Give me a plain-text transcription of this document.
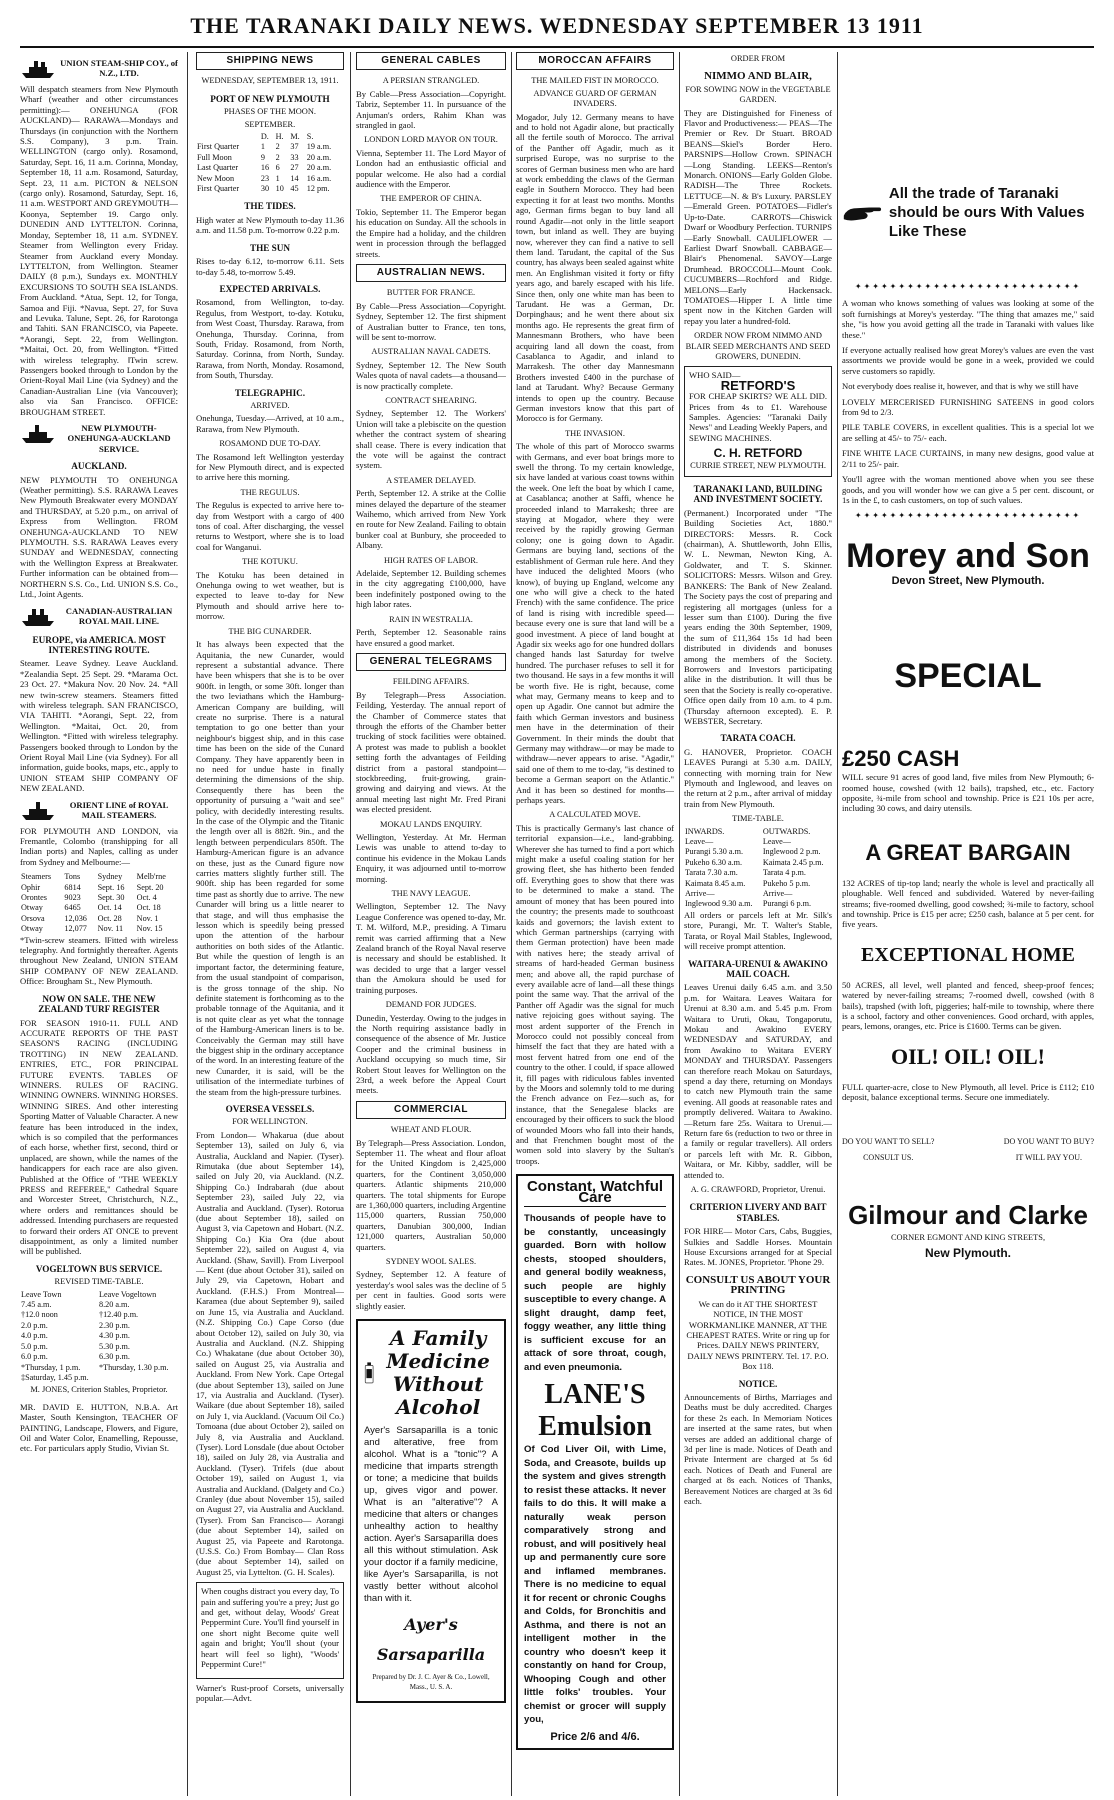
THE TARANAKI DAILY NEWS. WEDNESDAY SEPTEMBER 13 1911
UNION STEAM-SHIP COY., of N.Z., LTD.

Will despatch steamers from New Plymouth Wharf (weather and other circumstances permitting):— ONEHUNGA (FOR AUCKLAND)— RARAWA—Mondays and Thursdays (in conjunction with the Northern S.S. Company), 3 p.m. Train. WELLINGTON (cargo only). Rosamond, Saturday, Sept. 16, 11 a.m. Corinna, Monday, September 18, 11 a.m. Rosamond, Saturday, Sept. 23, 11 a.m. PICTON & NELSON (cargo only). Rosamond, Saturday, Sept. 16, 11 a.m. WESTPORT AND GREYMOUTH— Koonya, September 19. Cargo only. DUNEDIN AND LYTTELTON. Corinna, Monday, September 18, 11 a.m. SYDNEY. Steamer from Wellington every Friday. Steamer from Auckland every Monday. LYTTELTON, from Wellington. Steamer DAILY (8 p.m.), Sundays ex. MONTHLY EXCURSIONS TO SOUTH SEA ISLANDS. From Auckland. *Atua, Sept. 12, for Tonga, Samoa and Fiji. *Navua, Sept. 27, for Suva and Levuka. Talune, Sept. 26, for Rarotonga and Tahiti. SAN FRANCISCO, via Papeete. *Aorangi, Sept. 22, from Wellington. *Maitai, Oct. 20, from Wellington. *Fitted with wireless telegraphy. ‖Twin screw. Passengers booked through to London by the Orient-Royal Mail Line (via Sydney) and the Canadian-Australian Line (via Vancouver); also via San Francisco. OFFICE: BROUGHAM STREET.

NEW PLYMOUTH-ONEHUNGA-AUCKLAND SERVICE.
AUCKLAND.

NEW PLYMOUTH TO ONEHUNGA (Weather permitting). S.S. RARAWA Leaves New Plymouth Breakwater every MONDAY and THURSDAY, at 5.20 p.m., on arrival of Express from Wellington. FROM ONEHUNGA-AUCKLAND TO NEW PLYMOUTH. S.S. RARAWA Leaves every SUNDAY and WEDNESDAY, connecting with the Wellington Express at Breakwater. Further information can be obtained from— NORTHERN S.S. Co., Ltd. UNION S.S. Co., Ltd., Joint Agents.

CANADIAN-AUSTRALIAN ROYAL MAIL LINE.
EUROPE, via AMERICA. MOST INTERESTING ROUTE.

Steamer. Leave Sydney. Leave Auckland. *Zealandia Sept. 25 Sept. 29. *Marama Oct. 23 Oct. 27. *Makura Nov. 20 Nov. 24. *All new twin-screw steamers. Steamers fitted with wireless telegraph. SAN FRANCISCO, VIA TAHITI. *Aorangi, Sept. 22, from Wellington. *Maitai, Oct. 20, from Wellington. *Fitted with wireless telegraphy. Passengers booked through to London by the Orient Royal Mail Line (via Sydney). For all information, guide books, maps, etc., apply to UNION STEAM SHIP COMPANY OF NEW ZEALAND.

ORIENT LINE of ROYAL MAIL STEAMERS.

FOR PLYMOUTH AND LONDON, via Fremantle, Colombo (transhipping for all Indian ports) and Naples, calling as under from Sydney and Melbourne:—

Steamers	Tons	Sydney	Melb'rne
Ophir	6814	Sept. 16	Sept. 20
Orontes	9023	Sept. 30	Oct. 4
Otway	6465	Oct. 14	Oct. 18
Orsova	12,036	Oct. 28	Nov. 1
Otway	12,077	Nov. 11	Nov. 15

*Twin-screw steamers. ‖Fitted with wireless telegraphy. And fortnightly thereafter. Agents throughout New Zealand, UNION STEAM SHIP COMPANY OF NEW ZEALAND. Office: Brougham St., New Plymouth.

NOW ON SALE. THE NEW ZEALAND TURF REGISTER

FOR SEASON 1910-11. FULL AND ACCURATE REPORTS OF THE PAST SEASON'S RACING (INCLUDING TROTTING) IN NEW ZEALAND. ENTRIES, ETC., FOR PRINCIPAL FUTURE EVENTS. TABLES OF WINNERS. RULES OF RACING. WINNING OWNERS. WINNING HORSES. WINNING SIRES. And other interesting Sporting Matter of Valuable Character. A new feature has been introduced in the index, which is so compiled that the performances of each horse, whether first, second, third or unplaced, are shown, while the names of the handicappers for each race are also given. Published at the Office of "THE WEEKLY PRESS and REFEREE," Cathedral Square and Worcester Street, Christchurch, N.Z., where orders and remittances should be addressed. Intending purchasers are requested to forward their orders AT ONCE to prevent disappointment, as only a limited number will be published.

VOGELTOWN BUS SERVICE.
REVISED TIME-TABLE.
Leave Town	Leave Vogeltown
7.45 a.m.	8.20 a.m.
†12.0 noon	†12.40 p.m.
2.0 p.m.	2.30 p.m.
4.0 p.m.	4.30 p.m.
5.0 p.m.	5.30 p.m.
6.0 p.m.	6.30 p.m.
*Thursday, 1 p.m.	*Thursday, 1.30 p.m.
‡Saturday, 1.45 p.m.	
M. JONES, Criterion Stables, Proprietor.

MR. DAVID E. HUTTON, N.B.A. Art Master, South Kensington, TEACHER OF PAINTING, Landscape, Flowers, and Figure, Oil and Water Color, Enamelling, Repousse, etc. For particulars apply Studio, Vivian St.

SHIPPING NEWS
WEDNESDAY, SEPTEMBER 13, 1911.
PORT OF NEW PLYMOUTH
PHASES OF THE MOON.
SEPTEMBER.
	D.	H.	M.	S.
First Quarter	1	2	37	19 a.m.
Full Moon	9	2	33	20 a.m.
Last Quarter	16	6	27	20 a.m.
New Moon	23	1	14	16 a.m.
First Quarter	30	10	45	12 pm.
THE TIDES.

High water at New Plymouth to-day 11.36 a.m. and 11.58 p.m. To-morrow 0.22 p.m.

THE SUN

Rises to-day 6.12, to-morrow 6.11. Sets to-day 5.48, to-morrow 5.49.

EXPECTED ARRIVALS.

Rosamond, from Wellington, to-day. Regulus, from Westport, to-day. Kotuku, from West Coast, Thursday. Rarawa, from Onehunga, Thursday. Corinna, from South, Friday. Rosamond, from North, Saturday. Corinna, from North, Sunday. Rarawa, from North, Monday. Rosamond, from South, Thursday.

TELEGRAPHIC.
ARRIVED.

Onehunga, Tuesday.—Arrived, at 10 a.m., Rarawa, from New Plymouth.

ROSAMOND DUE TO-DAY.

The Rosamond left Wellington yesterday for New Plymouth direct, and is expected to arrive here this morning.

THE REGULUS.

The Regulus is expected to arrive here to-day from Westport with a cargo of 400 tons of coal. After discharging, the vessel returns to Westport, where she is to load coal for Wanganui.

THE KOTUKU.

The Kotuku has been detained in Onehunga owing to wet weather, but is expected to leave to-day for New Plymouth and should arrive here to-morrow.

THE BIG CUNARDER.

It has always been expected that the Aquitania, the new Cunarder, would represent a substantial advance. There have been whispers that she is to be over 900ft. in length, or some 30ft. longer than the two leviathans which the Hamburg-American Company are building, will create no surprise. There is a natural temptation to go one better than your neighbour's biggest ship, and in this case time has been on the side of the Cunard Company. They have apparently been in no need for undue haste in finally determining the dimensions of the ship. Consequently there has been the opportunity of pursuing a "wait and see" policy, with decidedly interesting results. In the case of the Olympic and the Titanic the length over all is 882ft. 9in., and the length between perpendiculars 850ft. The Hamburg-American figure is an advance on these, just as the Cunard figure now carries matters slightly further still. The 900ft. ship has been regarded for some time past as shortly due to arrive. The new Cunarder will bring us a little nearer to that stage, and will thus emphasise the lesson which is speedily being pressed upon the attention of the harbour authorities on both sides of the Atlantic. But while the question of length is an important factor, the determining feature, from the usual standpoint of comparison, is the gross tonnage of the ship. No definite statement is forthcoming as to the probable tonnage of the Aquitania, and it is not quite clear as yet what the tonnage of the Hamburg-American liners is to be. Conceivably the German may still have the biggest ship in the ordinary acceptance of the word. In an interesting feature of the new Cunarder, it is said, will be the utilisation of the intermediate turbines of the steam from the high-pressure turbines.

OVERSEA VESSELS.
FOR WELLINGTON.

From London— Whakarua (due about September 13), sailed on July 6, via Australia, Auckland and Napier. (Tyser). Rimutaka (due about September 14), sailed on July 20, via Auckland. (N.Z. Shipping Co.) Indrabarah (due about September 23), sailed July 22, via Australia and Auckland. (Tyser). Rotorua (due about September 18), sailed on August 3, via Capetown and Hobart. (N.Z. Shipping Co.) Kia Ora (due about September 22), sailed on August 4, via Auckland. (Shaw, Savill). From Liverpool— Kent (due about October 31), sailed on July 29, via Capetown, Hobart and Auckland. (F.H.S.) From Montreal— Karamea (due about September 9), sailed on June 15, via Australia and Auckland. (N.Z. Shipping Co.) Cape Corso (due about October 12), sailed on July 30, via Australia and Auckland. (N.Z. Shipping Co.) Whakatane (due about October 30), sailed on August 25, via Australia and Auckland. From New York. Cape Ortegal (due about September 13), sailed on June 17, via Australia and Auckland. (Tyser). Waikare (due about September 18), sailed on July 1, via Auckland. (Vacuum Oil Co.) Tomoana (due about October 2), sailed on July 8, via Australia and Auckland. (Tyser). Lord Lonsdale (due about October 18), sailed on July 28, via Australia and Auckland. (Tyser). Trifels (due about October 19), sailed on August 1, via Australia and Auckland. (Dalgety and Co.) Cranley (due about November 15), sailed on August 27, via Australia and Auckland. (Tyser). From San Francisco— Aorangi (due about September 14), sailed on August 25, via Papeete and Rarotonga. (U.S.S. Co.) From Bombay— Clan Ross (due about September 14), sailed on August 25, via Lyttelton. (G. H. Scales).

When coughs distract you every day, To pain and suffering you're a prey; Just go and get, without delay, Woods' Great Peppermint Cure. You'll find yourself in one short night Become quite well again and bright; You'll shout (your heart will feel so light), "Woods' Peppermint Cure!"

Warner's Rust-proof Corsets, universally popular.—Advt.

GENERAL CABLES
A PERSIAN STRANGLED.

By Cable—Press Association—Copyright. Tabriz, September 11. In pursuance of the Anjuman's orders, Rahim Khan was strangled in gaol.

LONDON LORD MAYOR ON TOUR.

Vienna, September 11. The Lord Mayor of London had an enthusiastic official and popular welcome. He also had a cordial audience with the Emperor.

THE EMPEROR OF CHINA.

Tokio, September 11. The Emperor began his education on Sunday. All the schools in the Empire had a holiday, and the children went in procession through the beflagged streets.

AUSTRALIAN NEWS.
BUTTER FOR FRANCE.

By Cable—Press Association—Copyright. Sydney, September 12. The first shipment of Australian butter to France, ten tons, will be sent to-morrow.

AUSTRALIAN NAVAL CADETS.

Sydney, September 12. The New South Wales quota of naval cadets—a thousand—is now practically complete.

CONTRACT SHEARING.

Sydney, September 12. The Workers' Union will take a plebiscite on the question whether the contract system of shearing shall cease. There is every indication that the vote will be against the contract system.

A STEAMER DELAYED.

Perth, September 12. A strike at the Collie mines delayed the departure of the steamer Waihemo, which arrived from New York en route for New Zealand. Failing to obtain bunker coal at Bunbury, she proceeded to Albany.

HIGH RATES OF LABOR.

Adelaide, September 12. Building schemes in the city aggregating £100,000, have been indefinitely postponed owing to the high labor rates.

RAIN IN WESTRALIA.

Perth, September 12. Seasonable rains have ensured a good market.

GENERAL TELEGRAMS
FEILDING AFFAIRS.

By Telegraph—Press Association. Feilding, Yesterday. The annual report of the Chamber of Commerce states that through the efforts of the Chamber better trucking of stock facilities were obtained. A protest was made to publish a booklet setting forth the advantages of Feilding district from a pastoral standpoint—stockbreeding, fruit-growing, grain-growing and dairying and views. At the annual meeting last night Mr. Fred Pirani was elected president.

MOKAU LANDS ENQUIRY.

Wellington, Yesterday. At Mr. Herman Lewis was unable to attend to-day to continue his evidence in the Mokau Lands Enquiry, it was adjourned until to-morrow morning.

THE NAVY LEAGUE.

Wellington, September 12. The Navy League Conference was opened to-day, Mr. T. M. Wilford, M.P., presiding. A Timaru remit was carried affirming that a New Zealand branch of the Royal Naval reserve is necessary and should be established. It was decided to urge that a larger vessel than the Amokura should be used for training purposes.

DEMAND FOR JUDGES.

Dunedin, Yesterday. Owing to the judges in the North requiring assistance badly in consequence of the absence of Mr. Justice Cooper and the criminal business in Auckland occupying so much time, Sir Robert Stout leaves for Wellington on the 23rd, a week before the Appeal Court meets.

COMMERCIAL
WHEAT AND FLOUR.

By Telegraph—Press Association. London, September 11. The wheat and flour afloat for the United Kingdom is 2,425,000 quarters, for the Continent 3,050,000 quarters. Atlantic shipments 210,000 quarters. The total shipments for Europe are 1,360,000 quarters, including Argentine 115,000 quarters, Russian 750,000 quarters, Danubian 300,000, Indian 121,000 quarters, Australian 50,000 quarters.

SYDNEY WOOL SALES.

Sydney, September 12. A feature of yesterday's wool sales was the decline of 5 per cent in faulties. Good sorts were slightly easier.

A Family Medicine Without Alcohol

Ayer's Sarsaparilla is a tonic and alterative, free from alcohol. What is a "tonic"? A medicine that imparts strength or tone; a medicine that builds up, gives vigor and power. What is an "alterative"? A medicine that alters or changes unhealthy action to healthy action. Ayer's Sarsaparilla does all this without stimulation. Ask your doctor if a family medicine, like Ayer's Sarsaparilla, is not vastly better without alcohol than with it.

Ayer's Sarsaparilla
Prepared by Dr. J. C. Ayer & Co., Lowell, Mass., U. S. A.
MOROCCAN AFFAIRS
THE MAILED FIST IN MOROCCO.
ADVANCE GUARD OF GERMAN INVADERS.

Mogador, July 12. Germany means to have and to hold not Agadir alone, but practically all the fertile south of Morocco. The arrival of the Panther off Agadir, much as it surprised Europe, was no surprise to the scores of German business men who are hard at work embedding the claws of the German eagle in Southern Morocco. They had been expecting it for at least two months. Months ago, German firms began to buy land all round Agadir—not only in the little seaport town, but inland as well. They are buying now, wherever they can find a native to sell them land. Tarudant, the capital of the Sus country, has always been sealed against white men. An Englishman visited it forty or fifty years ago, and barely escaped with his life. Since then, only one white man has been to Tarudant. He was a German, Dr. Dorpinghaus; and he went there about six months ago. He represents the great firm of Mannesmann Brothers, who have been acquiring land all down the coast, from Casablanca to Agadir, and inland to Marrakesh. The other day Mannesmann Brothers invested £400 in the purchase of land at Tarudant. Why? Because Germany intends to open up the country. Because German investors know that this part of Morocco is for Germany.

THE INVASION.

The whole of this part of Morocco swarms with Germans, and ever boat brings more to swell the throng. To my certain knowledge, six have landed at various coast towns within the week. One left the boat by which I came, at Casablanca; another at Saffi, whence he proceeded inland to Marrakesh; three are staying at Mogador, where they were received by the rapidly growing German colony; one is going down to Agadir. Germans are buying land, sections of the establishment of German rule here. And they have induced the delighted Moors (who know), of buying up England, welcome any one who will give a check to the hated French) with the same confidence. The price of land is rising with incredible speed—because every one is sure that land will be a good investment. A piece of land bought at Agadir six weeks ago for one hundred dollars changed hands last Saturday for twelve hundred. The purchaser refuses to sell it for two thousand. He says in a few months it will be worth five. He is right, because, come what may, Germany means to keep and to open up Agadir. One cannot but admire the faith which German investors and business men have in the determination of their Government. In their minds the doubt that Germany may withdraw—or may be made to withdraw—never appears to arise. "Agadir," said one of them to me to-day, "is destined to become a German seaport on the Atlantic." And it has been so destined for months—perhaps years.

A CALCULATED MOVE.

This is practically Germany's last chance of territorial expansion—i.e., land-grabbing. Wherever she has turned to find a port which might make a useful coaling station for her growing fleet, she has hitherto been fended off. Everything goes to show that there was to be determined to make a stand. The amount of money that has been poured into the country; the presents made to southcoast kaids and governors; the lavish extent to which German partnerships (carrying with them German protection) have been made with natives here; the steady arrival of streams of hard-headed German business men; and above all, the rapid purchase of every available acre of land—all these things point the same way. That the arrival of the Panther off Agadir was the signal for much native rejoicing goes without saying. The most ardent supporter of the French in Morocco could not possibly conceal from himself the fact that they are hated with a most fervent hatred from one end of the country to the other. I could, if space allowed it, fill pages with ridiculous fables invented by the Moors and solemnly told to me during the French advance on Fez—such as, for instance, that the Senegalese blacks are encouraged by their officers to suck the blood of wounded Moors who fall into their hands, and that Frenchmen bought most of the women sold into slavery by the Sultan's troops.

Constant, Watchful Care

Thousands of people have to be constantly, unceasingly guarded. Born with hollow chests, stooped shoulders, and general bodily weakness, such people are highly susceptible to every change. A slight draught, damp feet, foggy weather, any little thing is sufficient excuse for an attack of sore throat, cough, and even pneumonia.

LANE'S
Emulsion

Of Cod Liver Oil, with Lime, Soda, and Creasote, builds up the system and gives strength to resist these attacks. It never fails to do this. It will make a naturally weak person comparatively strong and robust, and will positively heal up and permanently cure sore and inflamed membranes. There is no medicine to equal it for recent or chronic Coughs and Colds, for Bronchitis and Asthma, and there is not an intelligent mother in the country who doesn't keep it constantly on hand for Croup, Whooping Cough and other little folks' troubles. Your chemist or grocer will supply you,

Price 2/6 and 4/6.
ORDER FROM
NIMMO AND BLAIR,
FOR SOWING NOW in the VEGETABLE GARDEN.

They are Distinguished for Fineness of Flavor and Productiveness:— PEAS—The Premier or Rev. Dr Stuart. BROAD BEANS—Skiel's Border Hero. PARSNIPS—Hollow Crown. SPINACH—Long Standing. LEEKS—Renton's Monarch. ONIONS—Early Golden Globe. RADISH—The Three Rockets. LETTUCE—N. & B's Luxury. PARSLEY—Emerald Green. POTATOES—Fidler's Up-to-Date. CARROTS—Chiswick Dwarf or Woodbury Perfection. TURNIPS—Early Snowball. CAULIFLOWER — Earliest Dwarf Snowball. CABBAGE—Blair's Phenomenal. SAVOY—Large Drumhead. BROCCOLI—Mount Cook. CUCUMBERS—Rochford and Ridge. MELONS—Early Hackensack. TOMATOES—Hipper I. A little time spent now in the Kitchen Garden will repay you later a hundred-fold.

ORDER NOW FROM NIMMO AND BLAIR SEED MERCHANTS AND SEED GROWERS, DUNEDIN.
WHO SAID—
RETFORD'S

FOR CHEAP SKIRTS? WE ALL DID. Prices from 4s to £1. Warehouse Samples. Agencies: "Taranaki Daily News" and Leading Weekly Papers, and SEWING MACHINES.

C. H. RETFORD
CURRIE STREET, NEW PLYMOUTH.
TARANAKI LAND, BUILDING AND INVESTMENT SOCIETY.

(Permanent.) Incorporated under "The Building Societies Act, 1880." DIRECTORS: Messrs. R. Cock (chairman), A. Shuttleworth, John Ellis, W. L. Newman, Newton King, A. Goldwater, and T. S. Skinner. SOLICITORS: Messrs. Wilson and Grey. BANKERS: The Bank of New Zealand. The Society pays the cost of preparing and registering all mortgages (unless for a lesser sum than £100). During the five years ending the 30th September, 1909, the sum of £11,364 15s 1d had been distributed in dividends and bonuses among the members of the Society. Borrowers and Investors participating alike in the distribution. It will thus be seen that the Society is really co-operative. Office open daily from 10 a.m. to 4 p.m. (Thursday afternoon excepted). E. P. WEBSTER, Secretary.

TARATA COACH.

G. HANOVER, Proprietor. COACH LEAVES Purangi at 5.30 a.m. DAILY, connecting with morning train for New Plymouth and Inglewood, and leaves on the return at 2 p.m., after arrival of midday train from New Plymouth.

TIME-TABLE.
INWARDS.	OUTWARDS.
Leave—	Leave—
Purangi 5.30 a.m.	Inglewood 2 p.m.
Pukeho 6.30 a.m.	Kaimata 2.45 p.m.
Tarata 7.30 a.m.	Tarata 4 p.m.
Kaimata 8.45 a.m.	Pukeho 5 p.m.
Arrive—	Arrive—
Inglewood 9.30 a.m.	Purangi 6 p.m.

All orders or parcels left at Mr. Silk's store, Purangi, Mr. T. Walter's Stable, Tarata, or Royal Mail Stables, Inglewood, will receive prompt attention.

WAITARA-URENUI & AWAKINO MAIL COACH.

Leaves Urenui daily 6.45 a.m. and 3.50 p.m. for Waitara. Leaves Waitara for Urenui at 8.30 a.m. and 5.45 p.m. From Waitara to Uruti, Okau, Tongaporutu, Mokau and Awakino EVERY WEDNESDAY and SATURDAY, and from Awakino to Waitara EVERY MONDAY and THURSDAY. Passengers can therefore reach Mokau on Saturdays, spend a day there, returning on Mondays to catch new Plymouth train the same evening. All goods at reasonable rates and promptly delivered. Waitara to Awakino.—Return fare 25s. Waitara to Urenui.—Return fare 6s (reduction to two or three in a family or regular travellers). All orders or parcels left with Mr. R. Gibbon, Waitara, or Mr. Kibby, saddler, will be attended to.

A. G. CRAWFORD, Proprietor, Urenui.
CRITERION LIVERY AND BAIT STABLES.

FOR HIRE— Motor Cars, Cabs, Buggies, Sulkies and Saddle Horses. Mountain House Excursions arranged for at Special Rates. M. JONES, Proprietor. 'Phone 29.

CONSULT US ABOUT YOUR PRINTING

We can do it AT THE SHORTEST NOTICE, IN THE MOST WORKMANLIKE MANNER, AT THE CHEAPEST RATES. Write or ring up for Prices. DAILY NEWS PRINTERY, DAILY NEWS PRINTERY. Tel. 17. P.O. Box 118.

NOTICE.

Announcements of Births, Marriages and Deaths must be duly accredited. Charges for these 2s each. In Memoriam Notices are inserted at the same rates, but when verses are added an additional charge of 3d per line is made. Notices of Death and Private Interment are charged at 5s 6d each. Notices of Death and Funeral are charged at 8s each. Notices of Thanks, Bereavement Notices are charged at 3s 6d each.

All the trade of Taranaki should be ours With Values Like These
✦✦✦✦✦✦✦✦✦✦✦✦✦✦✦✦✦✦✦✦✦✦✦✦✦✦

A woman who knows something of values was looking at some of the soft furnishings at Morey's yesterday. "The thing that amazes me," said she, "is how you avoid getting all the trade in Taranaki with values like these."

If everyone actually realised how great Morey's values are even the vast assortments we provide would be gone in a week, provided we could serve customers so rapidly.

Not everybody does realise it, however, and that is why we still have

LOVELY MERCERISED FURNISHING SATEENS in good colors from 9d to 2/3.

PILE TABLE COVERS, in excellent qualities. This is a special lot we are selling at 45/- to 75/- each.

FINE WHITE LACE CURTAINS, in many new designs, good value at 2/11 to 25/- pair.

You'll agree with the woman mentioned above when you see these goods, and you will wonder how we can give a 5 per cent. discount, or 1s in the £, to cash customers, on top of such values.

✦✦✦✦✦✦✦✦✦✦✦✦✦✦✦✦✦✦✦✦✦✦✦✦✦✦
Morey and Son
Devon Street, New Plymouth.
SPECIAL
£250 CASH

WILL secure 91 acres of good land, five miles from New Plymouth; 6-roomed house, cowshed (with 12 bails), trapshed, etc., etc. Factory opposite, ¾-mile from school and township. Price is £21 10s per acre, including 30 cows, and dairy utensils.

A GREAT BARGAIN

132 ACRES of tip-top land; nearly the whole is level and practically all ploughable. Well fenced and subdivided. Watered by never-failing streams; five-roomed dwelling, good cowshed; ¾-mile to factory, school and township. Price is £15 per acre; £250 cash, balance at 5 per cent. for five years.

EXCEPTIONAL HOME

50 ACRES, all level, well planted and fenced, sheep-proof fences; watered by never-failing streams; 7-roomed dwell, cowshed (with 8 bails), trapshed (with loft, piggeries; half-mile to township, where there is a school, factory and other conveniences. Good orchard, with apples, pears, lemons, oranges, etc. Price is £1600. Terms can be given.

OIL! OIL! OIL!

FULL quarter-acre, close to New Plymouth, all level. Price is £112; £10 deposit, balance exceptional terms. Secure one immediately.

DO YOU WANT TO SELL?
CONSULT US.
DO YOU WANT TO BUY?
IT WILL PAY YOU.
Gilmour and Clarke
CORNER EGMONT AND KING STREETS,
New Plymouth.
